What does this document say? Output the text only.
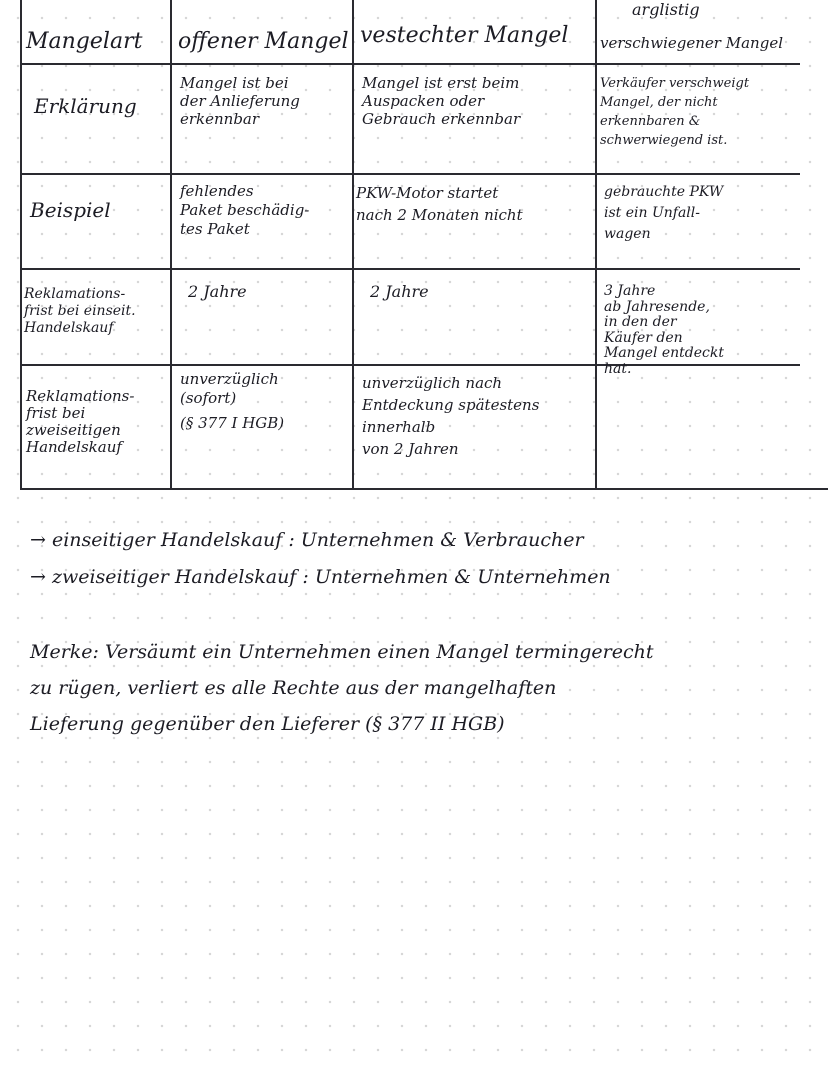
Mangelart offener Mangel vestechter Mangel
arglistig
verschwiegener Mangel
Erklärung
Mangel ist bei
der Anlieferung
erkennbar
Mangel ist erst beim
Auspacken oder
Gebrauch erkennbar
Verkäufer verschweigt
Mangel, der nicht
erkennbaren &
schwerwiegend ist.
Beispiel
fehlendes
Paket beschädig-
tes Paket
PKW-Motor startet
nach 2 Monaten nicht
gebrauchte PKW
ist ein Unfall-
wagen
Reklamations-
frist bei einseit.
Handelskauf
2 Jahre	2 Jahre	3 Jahre
ab Jahresende,
in den der
Käufer den
Mangel entdeckt
hat.
Reklamations-
frist bei
zweiseitigen
Handelskauf
unverzüglich
(sofort)
(§ 377 I HGB)
unverzüglich nach
Entdeckung spätestens
innerhalb
von 2 Jahren
→ einseitiger Handelskauf : Unternehmen & Verbraucher
→ zweiseitiger Handelskauf : Unternehmen & Unternehmen
Merke: Versäumt ein Unternehmen einen Mangel termingerecht
zu rügen, verliert es alle Rechte aus der mangelhaften
Lieferung gegenüber den Lieferer (§ 377 II HGB)
